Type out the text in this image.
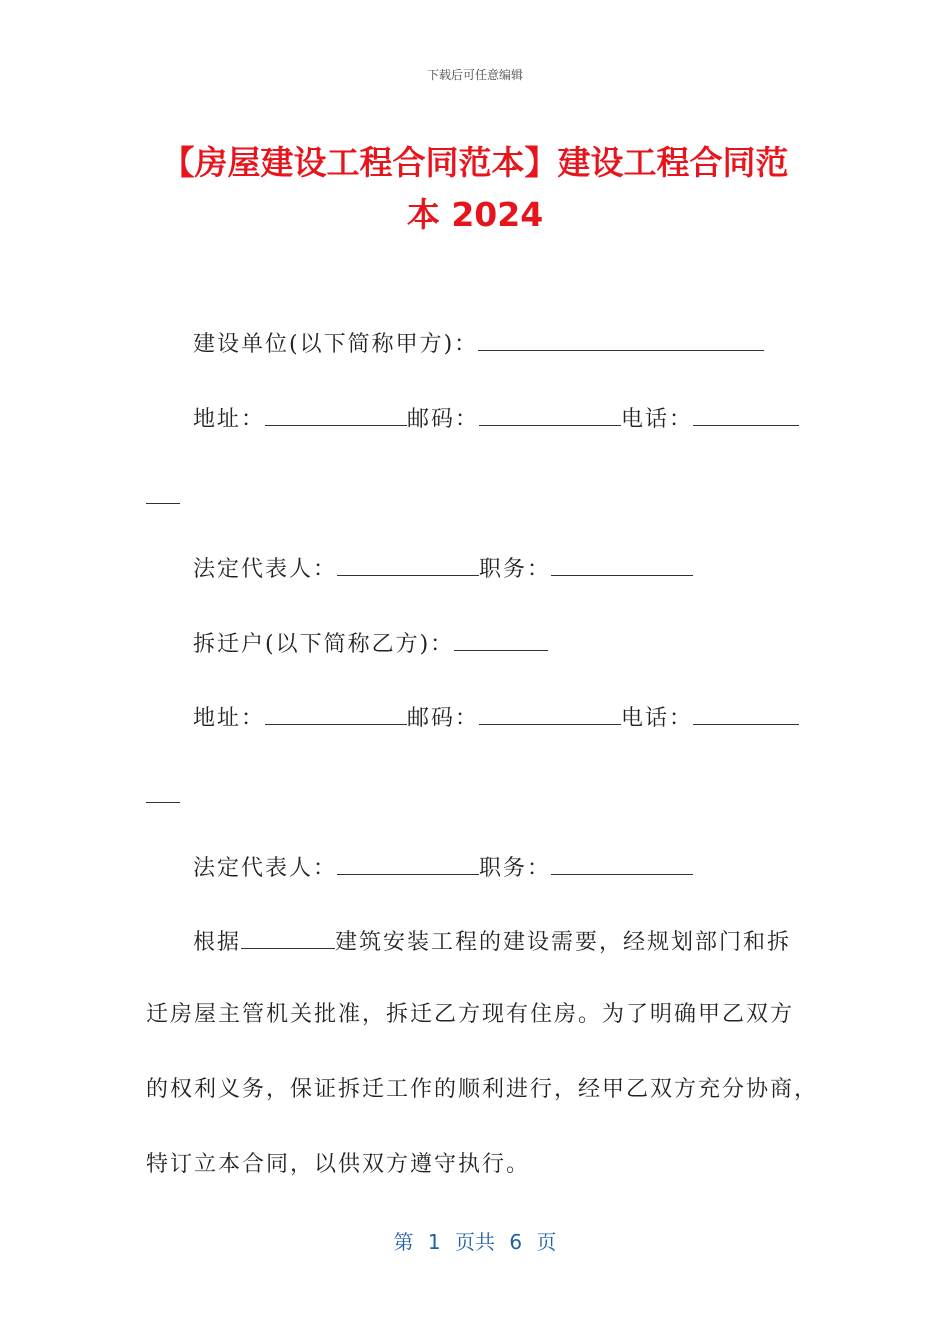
下载后可任意编辑
【房屋建设工程合同范本】建设工程合同范
本 2024
建设单位(以下简称甲方)：
地址：	邮码：	电话：
法定代表人：	职务：
拆迁户(以下简称乙方)：
地址：	邮码：	电话：
法定代表人：	职务：
根据	建筑安装工程的建设需要，经规划部门和拆
迁房屋主管机关批准，拆迁乙方现有住房。为了明确甲乙双方
的权利义务，保证拆迁工作的顺利进行，经甲乙双方充分协商，
特订立本合同，以供双方遵守执行。
第 1 页共 6 页
